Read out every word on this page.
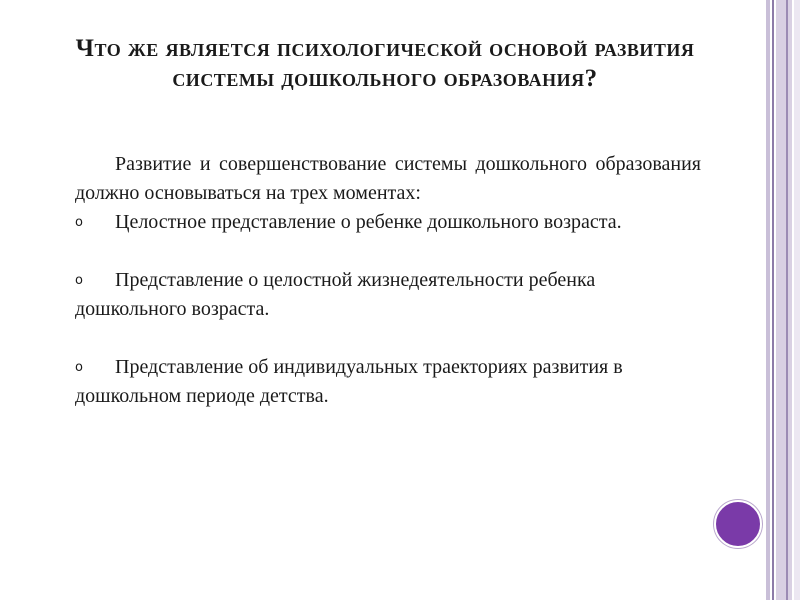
Что же является психологической основой развития системы дошкольного образования?

Развитие и совершенствование системы дошкольного образования должно основываться на трех моментах:

o Целостное представление о ребенке дошкольного возраста.
o Представление о целостной жизнедеятельности ребенка дошкольного возраста.
o Представление об индивидуальных траекториях развития в дошкольном периоде детства.
